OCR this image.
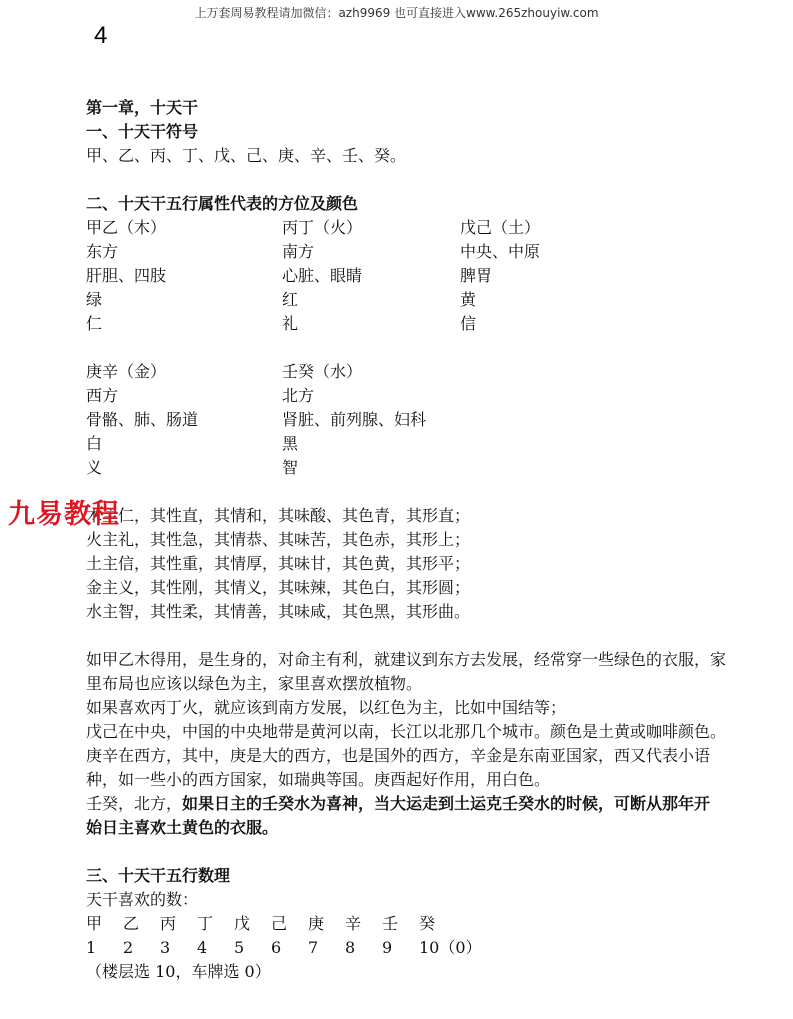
上万套周易教程请加微信：azh9969 也可直接进入www.265zhouyiw.com
4
第一章，十天干
一、十天干符号
甲、乙、丙、丁、戊、己、庚、辛、壬、癸。
二、十天干五行属性代表的方位及颜色
甲乙（木）	丙丁（火）	戊己（土）
东方	南方	中央、中原
肝胆、四肢	心脏、眼睛	脾胃
绿	红	黄
仁	礼	信
庚辛（金）	壬癸（水）
西方	北方
骨骼、肺、肠道	肾脏、前列腺、妇科
白	黑
义	智
木主仁，其性直，其情和，其味酸、其色青，其形直；
火主礼，其性急，其情恭、其味苦，其色赤，其形上；
土主信，其性重，其情厚，其味甘，其色黄，其形平；
金主义，其性刚，其情义，其味辣，其色白，其形圆；
水主智，其性柔，其情善，其味咸，其色黑，其形曲。
如甲乙木得用，是生身的，对命主有利，就建议到东方去发展，经常穿一些绿色的衣服，家里布局也应该以绿色为主，家里喜欢摆放植物。
如果喜欢丙丁火，就应该到南方发展，以红色为主，比如中国结等；
戊己在中央，中国的中央地带是黄河以南，长江以北那几个城市。颜色是土黄或咖啡颜色。
庚辛在西方，其中，庚是大的西方，也是国外的西方，辛金是东南亚国家，西又代表小语种，如一些小的西方国家，如瑞典等国。庚酉起好作用，用白色。
壬癸，北方，如果日主的壬癸水为喜神，当大运走到土运克壬癸水的时候，可断从那年开始日主喜欢土黄色的衣服。
三、十天干五行数理
天干喜欢的数：
甲	乙	丙	丁	戊	己	庚	辛	壬	癸
1	2	3	4	5	6	7	8	9	10（0）
（楼层选 10，车牌选 0）
九易教程
